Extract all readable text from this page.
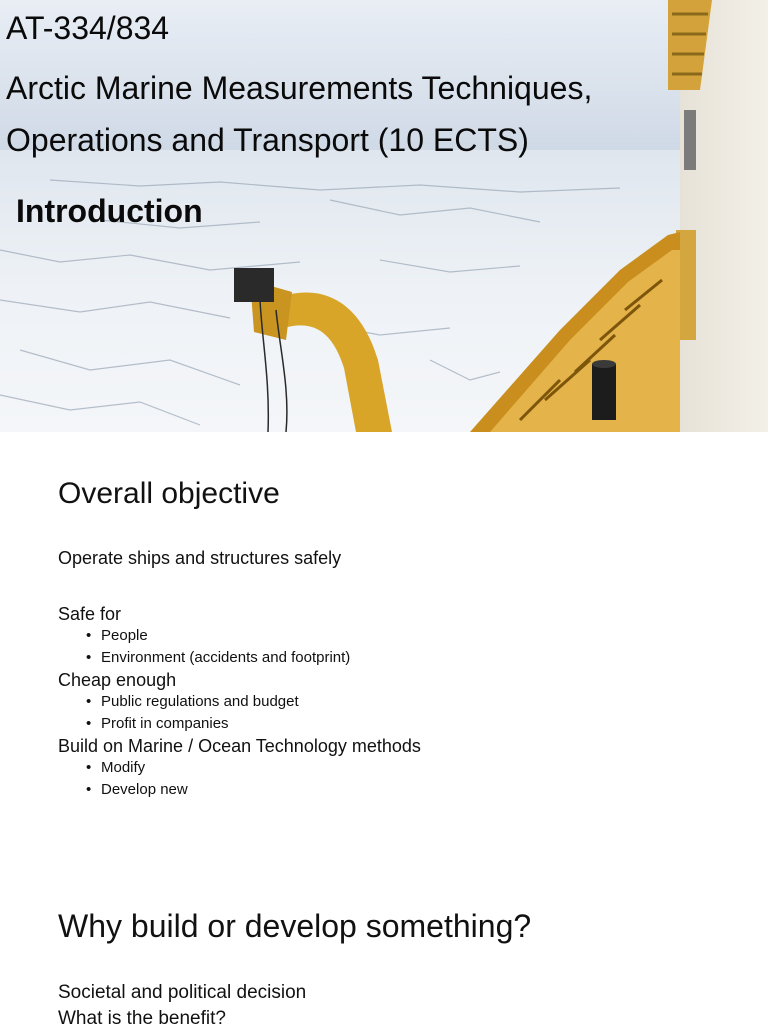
AT-334/834
Arctic Marine Measurements Techniques,
Operations and Transport (10 ECTS)
Introduction
Overall objective
Operate ships and structures safely
Safe for
• People
• Environment (accidents and footprint)
Cheap enough
• Public regulations and budget
• Profit in companies
Build on Marine / Ocean Technology methods
• Modify
• Develop new
Why build or develop something?
Societal and political decision
What is the benefit?
